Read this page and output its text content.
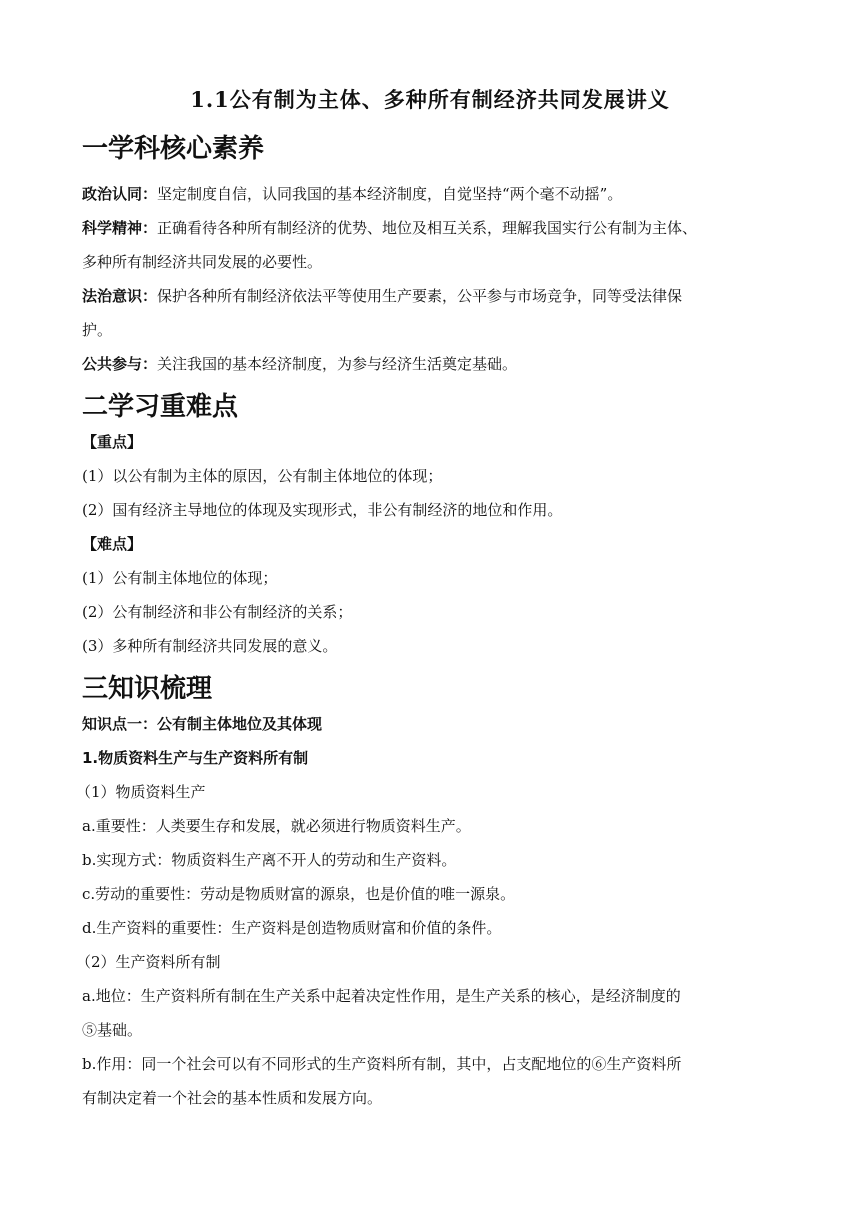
1.1公有制为主体、多种所有制经济共同发展讲义
一学科核心素养
政治认同：坚定制度自信，认同我国的基本经济制度，自觉坚持“两个毫不动摇”。
科学精神：正确看待各种所有制经济的优势、地位及相互关系，理解我国实行公有制为主体、
多种所有制经济共同发展的必要性。
法治意识：保护各种所有制经济依法平等使用生产要素，公平参与市场竞争，同等受法律保
护。
公共参与：关注我国的基本经济制度，为参与经济生活奠定基础。
二学习重难点
【重点】
(1）以公有制为主体的原因，公有制主体地位的体现；
(2）国有经济主导地位的体现及实现形式，非公有制经济的地位和作用。
【难点】
(1）公有制主体地位的体现；
(2）公有制经济和非公有制经济的关系；
(3）多种所有制经济共同发展的意义。
三知识梳理
知识点一：公有制主体地位及其体现
1.物质资料生产与生产资料所有制
（1）物质资料生产
a.重要性：人类要生存和发展，就必须进行物质资料生产。
b.实现方式：物质资料生产离不开人的劳动和生产资料。
c.劳动的重要性：劳动是物质财富的源泉，也是价值的唯一源泉。
d.生产资料的重要性：生产资料是创造物质财富和价值的条件。
（2）生产资料所有制
a.地位：生产资料所有制在生产关系中起着决定性作用，是生产关系的核心，是经济制度的
⑤基础。
b.作用：同一个社会可以有不同形式的生产资料所有制，其中，占支配地位的⑥生产资料所
有制决定着一个社会的基本性质和发展方向。
